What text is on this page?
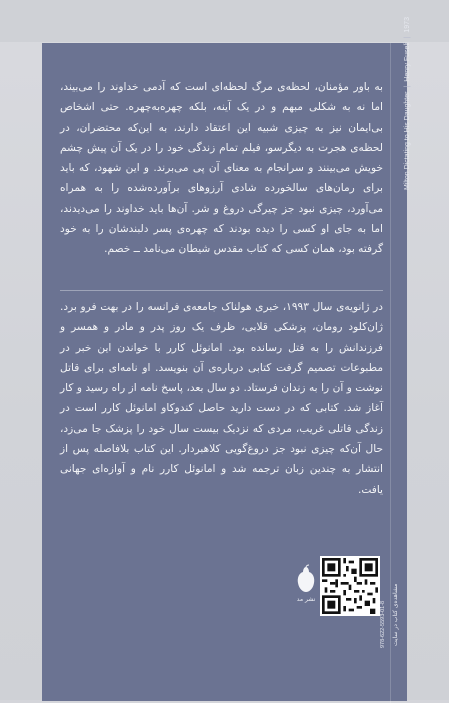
Milton Dictating to His Daughter|Henry Fuseli|1973
به باور مؤمنان، لحظه‌ی مرگ لحظه‌ای است که آدمی خداوند را می‌بیند، اما نه به شکلی مبهم و در یک آینه، بلکه چهره‌به‌چهره. حتی اشخاص بی‌ایمان نیز به چیزی شبیه این اعتقاد دارند، به این‌که محتضران، در لحظه‌ی هجرت به دیگرسو، فیلم تمام زندگی خود را در یک آن پیش چشم خویش می‌بینند و سرانجام به معنای آن پی می‌برند. و این شهود، که باید برای رمان‌های سالخورده شادی آرزوهای برآورده‌شده را به همراه می‌آورد، چیزی نبود جز چیرگی دروغ و شر. آن‌ها باید خداوند را می‌دیدند، اما به جای او کسی را دیده بودند که چهره‌ی پسر دلبندشان را به خود گرفته بود، همان کسی که کتاب مقدس شیطان می‌نامد ــ خصم.
در ژانویه‌ی سال ۱۹۹۳، خبری هولناک جامعه‌ی فرانسه را در بهت فرو برد. ژان‌کلود رومان، پزشکی قلابی، ظرف یک روز پدر و مادر و همسر و فرزندانش را به قتل رسانده بود. امانوئل کارر با خواندن این خبر در مطبوعات تصمیم گرفت کتابی درباره‌ی آن بنویسد. او نامه‌ای برای قاتل نوشت و آن را به زندان فرستاد. دو سال بعد، پاسخ نامه از راه رسید و کار آغاز شد. کتابی که در دست دارید حاصل کندوکاو امانوئل کارر است در زندگی قاتلی غریب، مردی که نزدیک بیست سال خود را پزشک جا می‌زد، حال آن‌که چیزی نبود جز دروغ‌گویی کلاهبردار. این کتاب بلافاصله پس از انتشار به چندین زبان ترجمه شد و امانوئل کارر نام و آوازه‌ای جهانی یافت.
نشر مد
978-622-5593-01-8 مشاهده‌ی کتاب در سایت
